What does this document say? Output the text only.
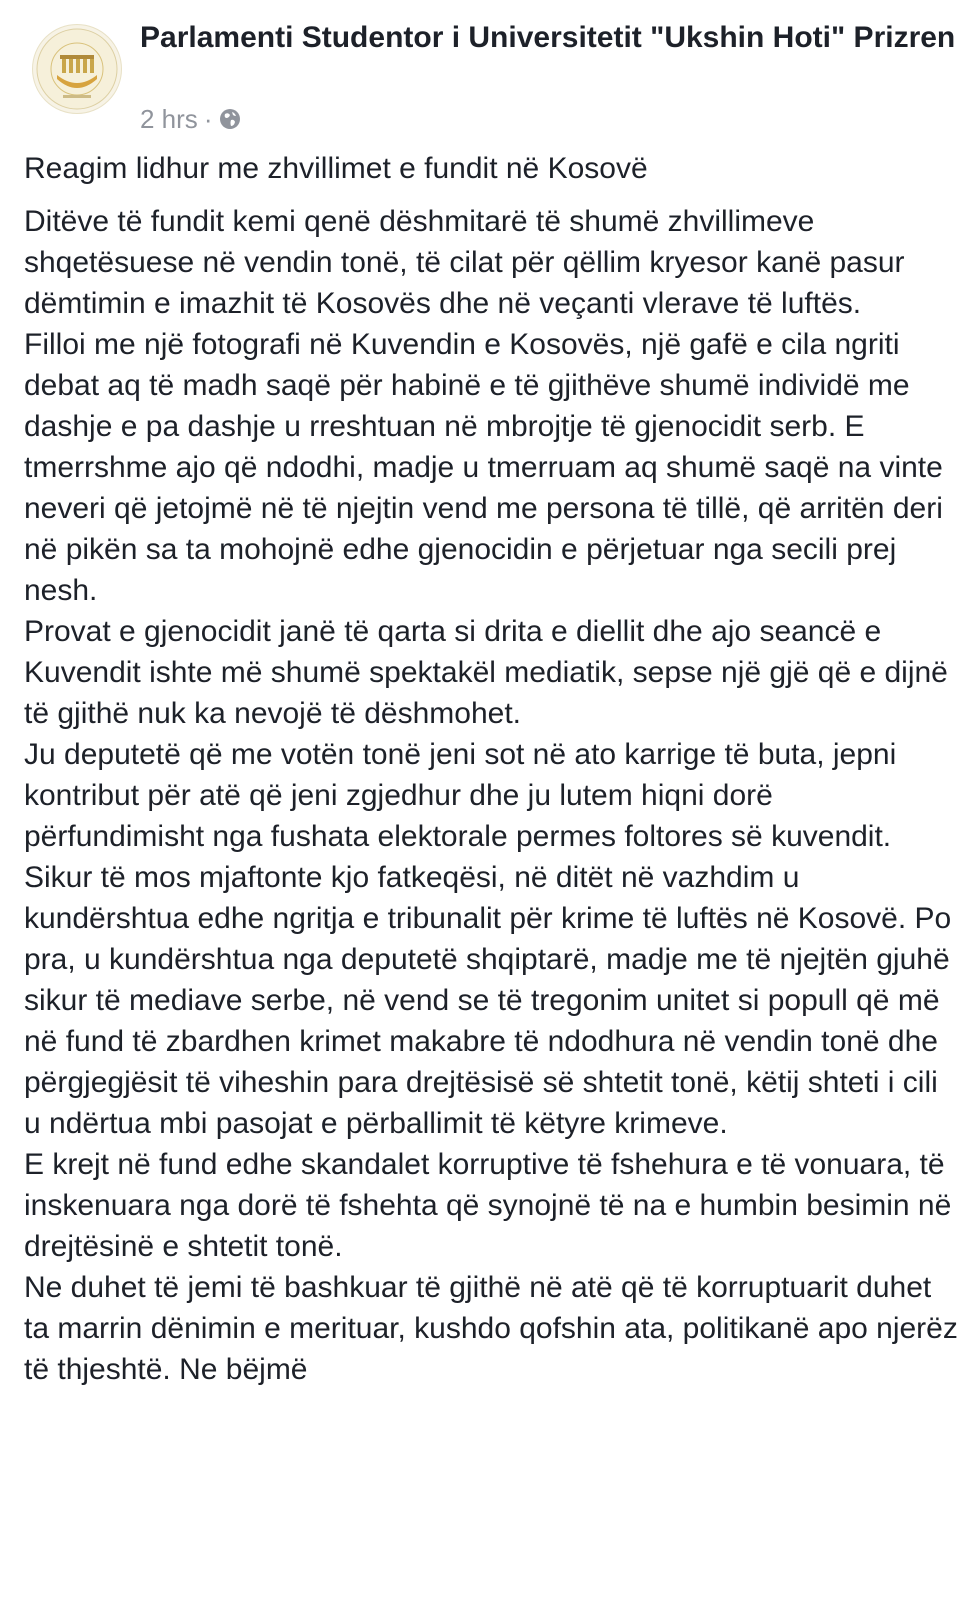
Parlamenti Studentor i Universitetit "Ukshin Hoti" Prizren
2 hrs ·

Reagim lidhur me zhvillimet e fundit në Kosovë

Ditëve të fundit kemi qenë dëshmitarë të shumë zhvillimeve shqetësuese në vendin tonë, të cilat për qëllim kryesor kanë pasur dëmtimin e imazhit të Kosovës dhe në veçanti vlerave të luftës.

Filloi me një fotografi në Kuvendin e Kosovës, një gafë e cila ngriti debat aq të madh saqë për habinë e të gjithëve shumë individë me dashje e pa dashje u rreshtuan në mbrojtje të gjenocidit serb. E tmerrshme ajo që ndodhi, madje u tmerruam aq shumë saqë na vinte neveri që jetojmë në të njejtin vend me persona të tillë, që arritën deri në pikën sa ta mohojnë edhe gjenocidin e përjetuar nga secili prej nesh.

Provat e gjenocidit janë të qarta si drita e diellit dhe ajo seancë e Kuvendit ishte më shumë spektakël mediatik, sepse një gjë që e dijnë të gjithë nuk ka nevojë të dëshmohet.

Ju deputetë që me votën tonë jeni sot në ato karrige të buta, jepni kontribut për atë që jeni zgjedhur dhe ju lutem hiqni dorë përfundimisht nga fushata elektorale permes foltores së kuvendit.

Sikur të mos mjaftonte kjo fatkeqësi, në ditët në vazhdim u kundërshtua edhe ngritja e tribunalit për krime të luftës në Kosovë. Po pra, u kundërshtua nga deputetë shqiptarë, madje me të njejtën gjuhë sikur të mediave serbe, në vend se të tregonim unitet si popull që më në fund të zbardhen krimet makabre të ndodhura në vendin tonë dhe përgjegjësit të viheshin para drejtësisë së shtetit tonë, këtij shteti i cili u ndërtua mbi pasojat e përballimit të këtyre krimeve.

E krejt në fund edhe skandalet korruptive të fshehura e të vonuara, të inskenuara nga dorë të fshehta që synojnë të na e humbin besimin në drejtësinë e shtetit tonë.

Ne duhet të jemi të bashkuar të gjithë në atë që të korruptuarit duhet ta marrin dënimin e merituar, kushdo qofshin ata, politikanë apo njerëz të thjeshtë. Ne bëjmë
